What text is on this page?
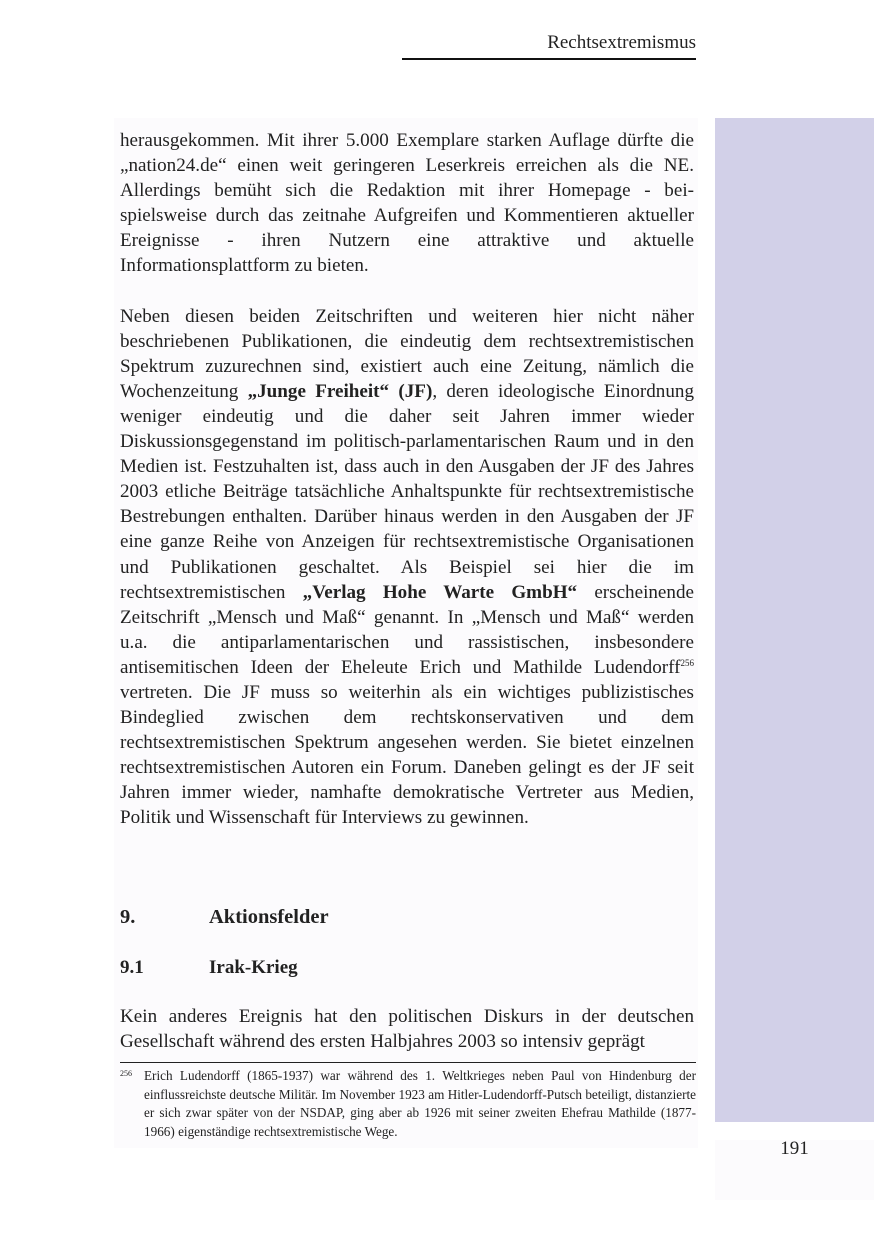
Rechtsextremismus
191

herausgekommen. Mit ihrer 5.000 Exemplare starken Auflage dürfte die „nation24.de“ einen weit geringeren Leserkreis erreichen als die NE. Allerdings bemüht sich die Redaktion mit ihrer Homepage - beispielsweise durch das zeitnahe Aufgreifen und Kommentieren aktueller Ereignisse - ihren Nutzern eine attraktive und aktuelle Informationsplattform zu bieten.

Neben diesen beiden Zeitschriften und weiteren hier nicht näher beschriebenen Publikationen, die eindeutig dem rechtsextremistischen Spektrum zuzurechnen sind, existiert auch eine Zeitung, nämlich die Wochenzeitung „Junge Freiheit“ (JF), deren ideologische Einordnung weniger eindeutig und die daher seit Jahren immer wieder Diskussionsgegenstand im politisch-parlamentarischen Raum und in den Medien ist. Festzuhalten ist, dass auch in den Ausgaben der JF des Jahres 2003 etliche Beiträge tatsächliche Anhaltspunkte für rechtsextremistische Bestrebungen enthalten. Darüber hinaus werden in den Ausgaben der JF eine ganze Reihe von Anzeigen für rechtsextremistische Organisationen und Publikationen geschaltet. Als Beispiel sei hier die im rechtsextremistischen „Verlag Hohe Warte GmbH“ erscheinende Zeitschrift „Mensch und Maß“ genannt. In „Mensch und Maß“ werden u.a. die antiparlamentarischen und rassistischen, insbesondere antisemitischen Ideen der Eheleute Erich und Mathilde Ludendorff$^{256}$ vertreten. Die JF muss so weiterhin als ein wichtiges publizistisches Bindeglied zwischen dem rechtskonservativen und dem rechtsextremistischen Spektrum angesehen werden. Sie bietet einzelnen rechtsextremistischen Autoren ein Forum. Daneben gelingt es der JF seit Jahren immer wieder, namhafte demokratische Vertreter aus Medien, Politik und Wissenschaft für Interviews zu gewinnen.

9.	Aktionsfelder
9.1	Irak-Krieg
Kein anderes Ereignis hat den politischen Diskurs in der deutschen Gesellschaft während des ersten Halbjahres 2003 so intensiv geprägt
256 Erich Ludendorff (1865-1937) war während des 1. Weltkrieges neben Paul von Hindenburg der einflussreichste deutsche Militär. Im November 1923 am Hitler-Ludendorff-Putsch beteiligt, distanzierte er sich zwar später von der NSDAP, ging aber ab 1926 mit seiner zweiten Ehefrau Mathilde (1877-1966) eigenständige rechtsextremistische Wege.
